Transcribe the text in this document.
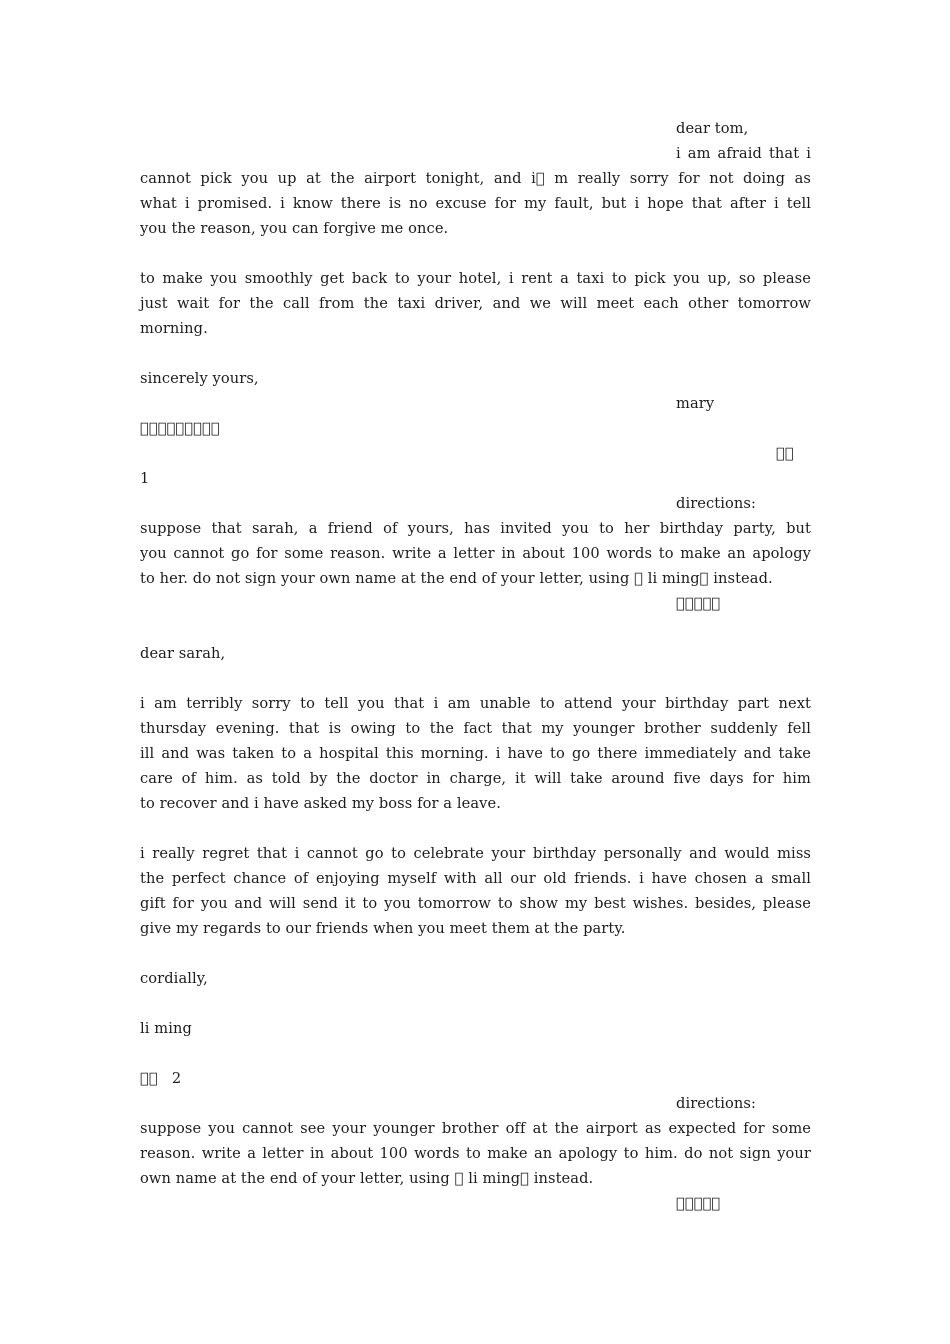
dear tom,
i am afraid that i
cannot pick you up at the airport tonight, and i  m really sorry for not doing as
what i promised. i know there is no excuse for my fault, but i hope that after i tell
you the reason, you can forgive me once.
to make you smoothly get back to your hotel, i rent a taxi to pick you up, so please
just wait for the call from the taxi driver, and we will meet each other tomorrow
morning.
sincerely yours,
mary
         
  
1
directions:
suppose that sarah, a friend of yours, has invited you to her birthday party, but
you cannot go for some reason. write a letter in about 100 words to make an apology
to her. do not sign your own name at the end of your letter, using   li ming  instead.
     
dear sarah,
i am terribly sorry to tell you that i am unable to attend your birthday part next
thursday evening. that is owing to the fact that my younger brother suddenly fell
ill and was taken to a hospital this morning. i have to go there immediately and take
care of him. as told by the doctor in charge, it will take around five days for him
to recover and i have asked my boss for a leave.
i really regret that i cannot go to celebrate your birthday personally and would miss
the perfect chance of enjoying myself with all our old friends. i have chosen a small
gift for you and will send it to you tomorrow to show my best wishes. besides, please
give my regards to our friends when you meet them at the party.
cordially,
li ming
     2
directions:
suppose you cannot see your younger brother off at the airport as expected for some
reason. write a letter in about 100 words to make an apology to him. do not sign your
own name at the end of your letter, using   li ming  instead.
     
